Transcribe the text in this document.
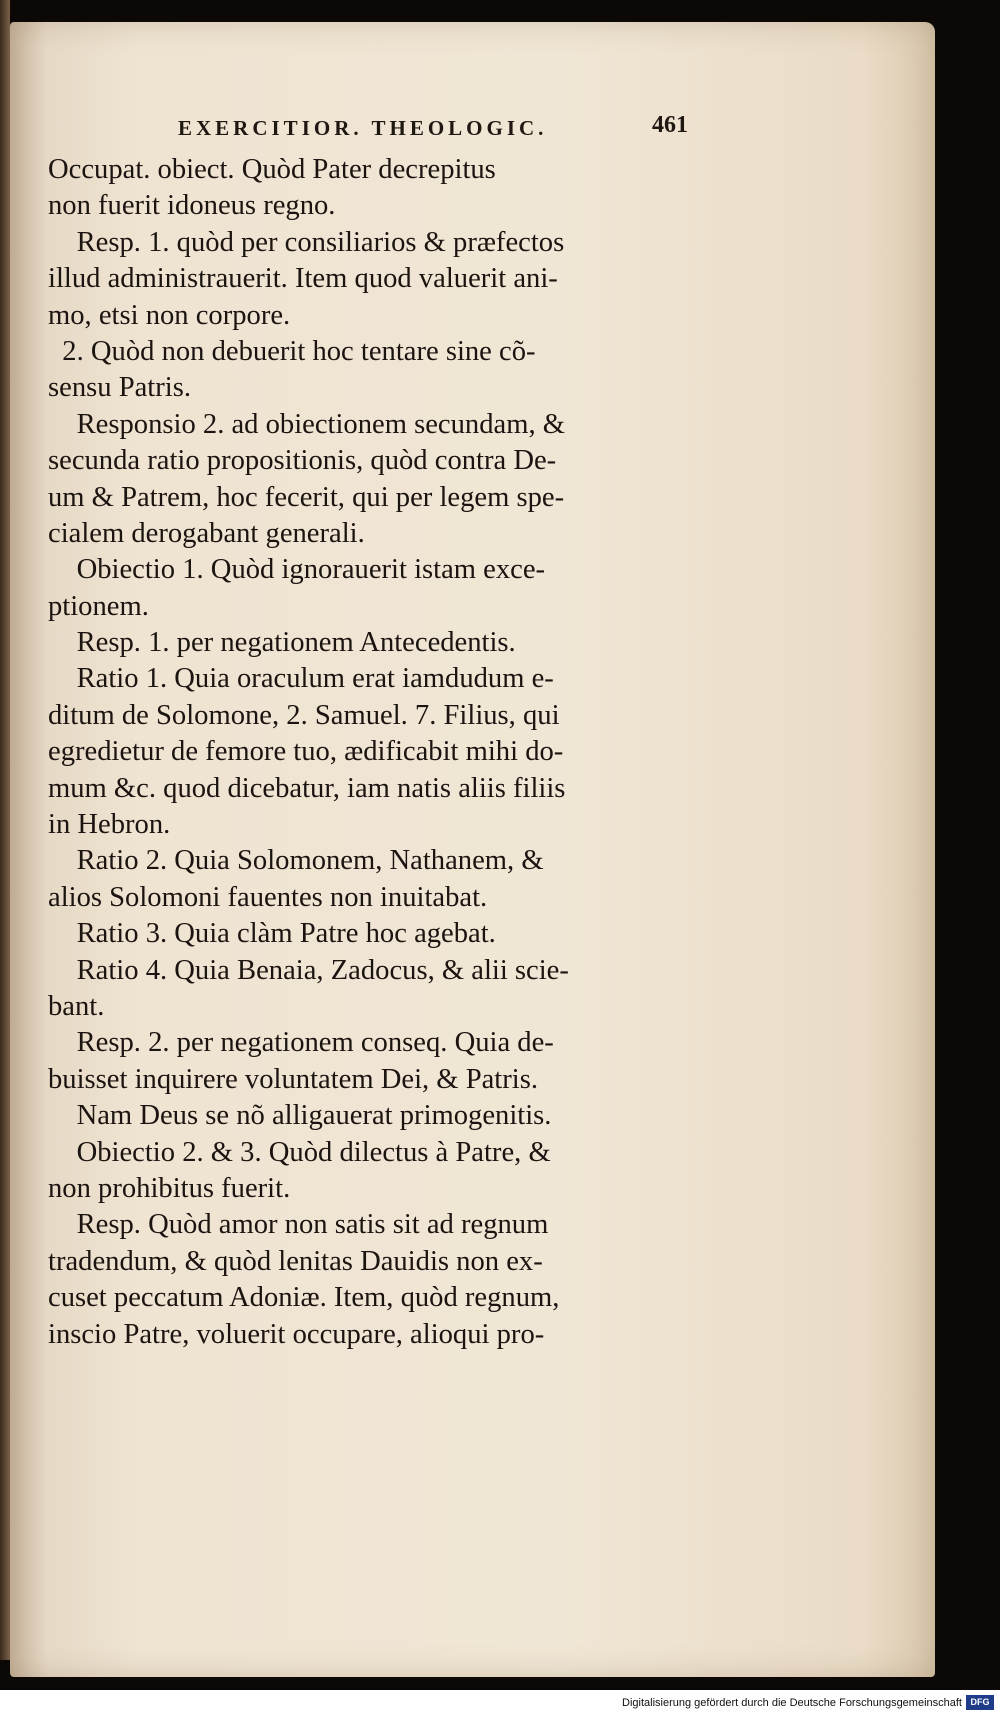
EXERCITIOR. THEOLOGIC.	461
Occupat. obiect. Quòd Pater decrepitus
non fuerit idoneus regno.
 Resp. 1. quòd per consiliarios & præfectos
illud administrauerit. Item quod valuerit ani-
mo, etsi non corpore.
 2. Quòd non debuerit hoc tentare sine cõ-
sensu Patris.
 Responsio 2. ad obiectionem secundam, &
secunda ratio propositionis, quòd contra De-
um & Patrem, hoc fecerit, qui per legem spe-
cialem derogabant generali.
 Obiectio 1. Quòd ignorauerit istam exce-
ptionem.
 Resp. 1. per negationem Antecedentis.
 Ratio 1. Quia oraculum erat iamdudum e-
ditum de Solomone, 2. Samuel. 7. Filius, qui
egredietur de femore tuo, ædificabit mihi do-
mum &c. quod dicebatur, iam natis aliis filiis
in Hebron.
 Ratio 2. Quia Solomonem, Nathanem, &
alios Solomoni fauentes non inuitabat.
 Ratio 3. Quia clàm Patre hoc agebat.
 Ratio 4. Quia Benaia, Zadocus, & alii scie-
bant.
 Resp. 2. per negationem conseq. Quia de-
buisset inquirere voluntatem Dei, & Patris.
 Nam Deus se nõ alligauerat primogenitis.
 Obiectio 2. & 3. Quòd dilectus à Patre, &
non prohibitus fuerit.
 Resp. Quòd amor non satis sit ad regnum
tradendum, & quòd lenitas Dauidis non ex-
cuset peccatum Adoniæ. Item, quòd regnum,
inscio Patre, voluerit occupare, alioqui pro-
Digitalisierung gefördert durch die Deutsche Forschungsgemeinschaft DFG
